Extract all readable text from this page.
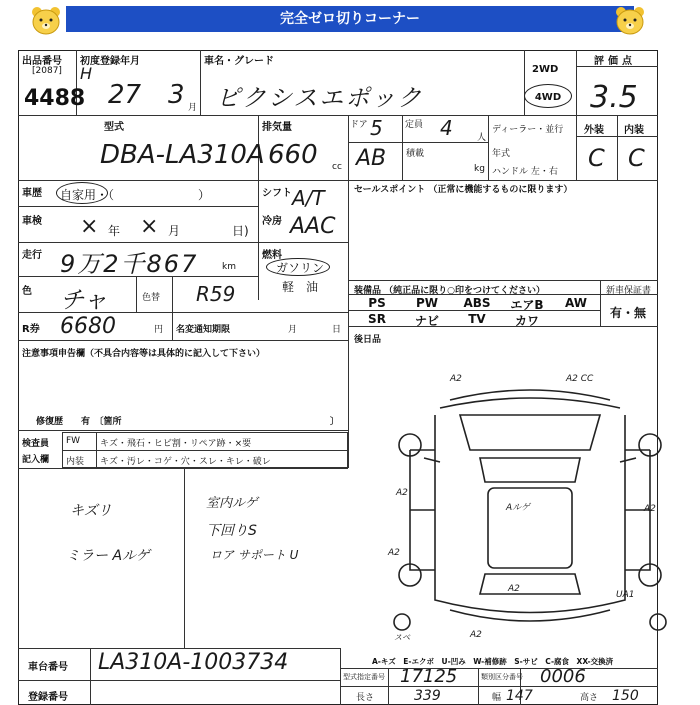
完全ゼロ切りコーナー
出品番号
[2087]
4488
初度登録年月
H
27 3 月
車名・グレード
ピクシスエポック
2WD
4WD
評価点
3.5
型式
DBA-LA310A
排気量
660 cc
ドア 5 定員 4	人
AB 積載
kg
ディーラー・並行
年式
ハンドル 左・右
外装 内装
C C
車歴 自家用・（　　　　　　　）	シフト A/T
車検 × 年 × 月	日)
冷房 AAC
走行 9万2千867	km
燃料
ガソリン
軽　油
色 チャ	色替 R59
R券 6680	円 名変通知期限	月	日
セールスポイント （正常に機能するものに限ります）
装備品 （純正品に限り○印をつけてください）	新車保証書
PS	PW	ABS	エアB	AW
SR	ナビ	TV	カワ
有・無
後日品
注意事項申告欄（不具合内容等は具体的に記入して下さい）
修復歴　　有　〔箇所	〕
検査員
記入欄
FW キズ・飛石・ヒビ割・リペア跡・×要
内装 キズ・汚レ・コゲ・穴・スレ・キレ・破レ
キズリ
ミラー Aルゲ
室内ルゲ
下回りS
ロア サポート U
A2	A2 CC
A2
A2
Aルゲ
A2
A2
A2
UA1
スベ
A-キズ　E-エクボ　U-凹み　W-補修跡　S-サビ　C-腐食　XX-交換済
車台番号 LA310A-1003734
登録番号
型式指定番号 17125	類別区分番号 0006
長さ	339	幅 147	高さ 150
